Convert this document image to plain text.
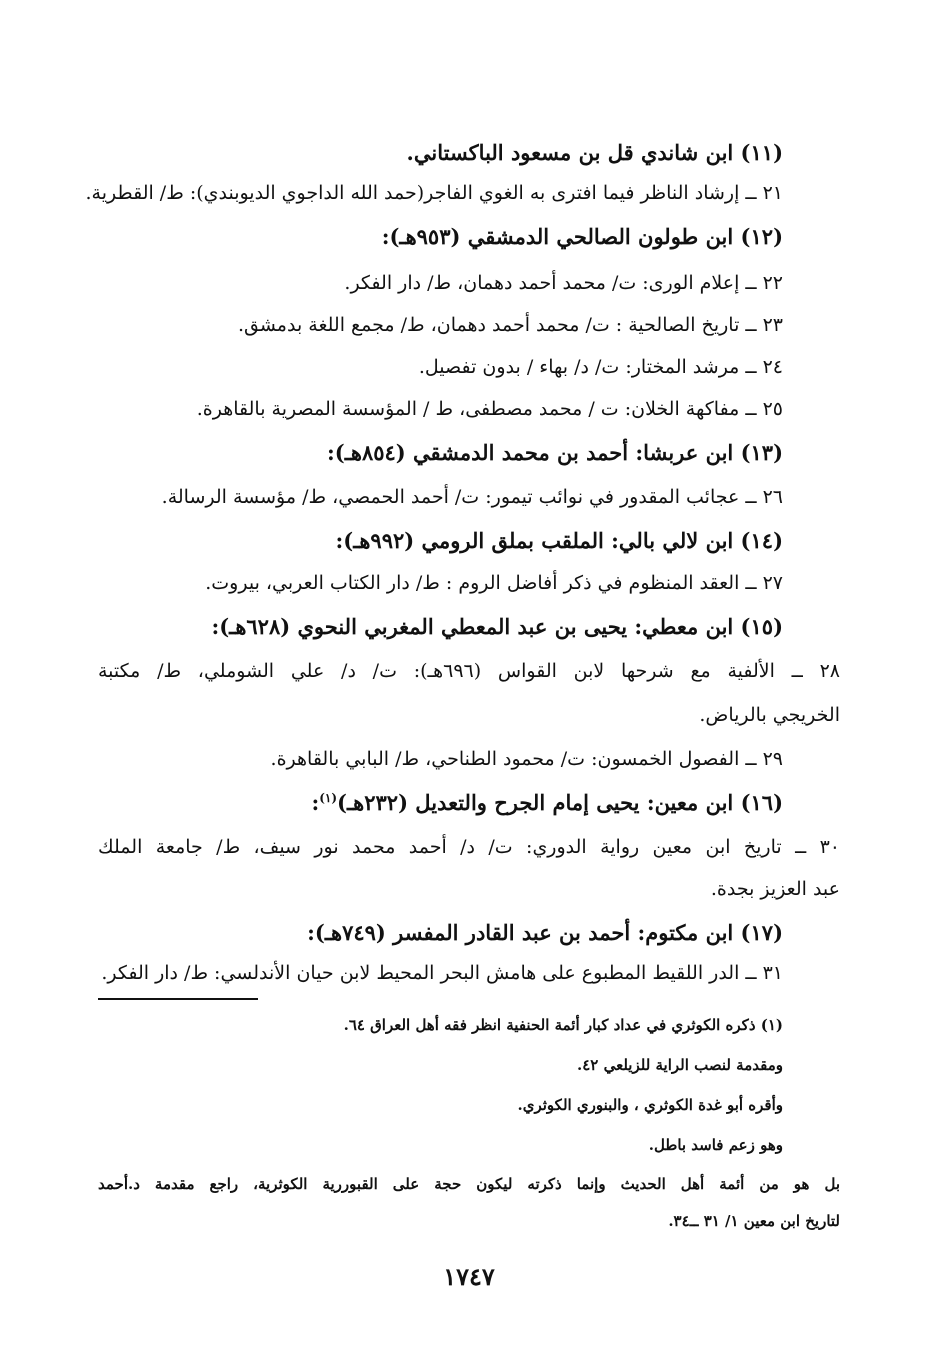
(١١) ابن شاندي قل بن مسعود الباكستاني.
٢١ ــ إرشاد الناظر فيما افترى به الغوي الفاجر(حمد الله الداجوي الديوبندي): ط/ القطرية.
(١٢) ابن طولون الصالحي الدمشقي (٩٥٣هـ):
٢٢ ــ إعلام الورى: ت/ محمد أحمد دهمان، ط/ دار الفكر.
٢٣ ــ تاريخ الصالحية : ت/ محمد أحمد دهمان، ط/ مجمع اللغة بدمشق.
٢٤ ــ مرشد المختار: ت/ د/ بهاء / بدون تفصيل.
٢٥ ــ مفاكهة الخلان: ت / محمد مصطفى، ط / المؤسسة المصرية بالقاهرة.
(١٣) ابن عربشا: أحمد بن محمد الدمشقي (٨٥٤هـ):
٢٦ ــ عجائب المقدور في نوائب تيمور: ت/ أحمد الحمصي، ط/ مؤسسة الرسالة.
(١٤) ابن لالي بالي: الملقب بملق الرومي (٩٩٢هـ):
٢٧ ــ العقد المنظوم في ذكر أفاضل الروم : ط/ دار الكتاب العربي، بيروت.
(١٥) ابن معطي: يحيى بن عبد المعطي المغربي النحوي (٦٢٨هـ):
٢٨ ــ الألفية مع شرحها لابن القواس (٦٩٦هـ): ت/ د/ علي الشوملي، ط/ مكتبة
الخريجي بالرياض.
٢٩ ــ الفصول الخمسون: ت/ محمود الطناحي، ط/ البابي بالقاهرة.
(١٦) ابن معين: يحيى إمام الجرح والتعديل (٢٣٢هـ)$^{(١)}$:
٣٠ ــ تاريخ ابن معين رواية الدوري: ت/ د/ أحمد محمد نور سيف، ط/ جامعة الملك
عبد العزيز بجدة.
(١٧) ابن مكتوم: أحمد بن عبد القادر المفسر (٧٤٩هـ):
٣١ ــ الدر اللقيط المطبوع على هامش البحر المحيط لابن حيان الأندلسي: ط/ دار الفكر.
(١) ذكره الكوثري في عداد كبار أئمة الحنفية انظر فقه أهل العراق ٦٤.
ومقدمة لنصب الراية للزيلعي ٤٢.
وأقره أبو غدة الكوثري ، والبنوري الكوثري.
وهو زعم فاسد باطل.
بل هو من أئمة أهل الحديث وإنما ذكرته ليكون حجة على القبوررية الكوثرية، راجع مقدمة د.أحمد
لتاريخ ابن معين ١/ ٣١ ــ٣٤.
١٧٤٧
